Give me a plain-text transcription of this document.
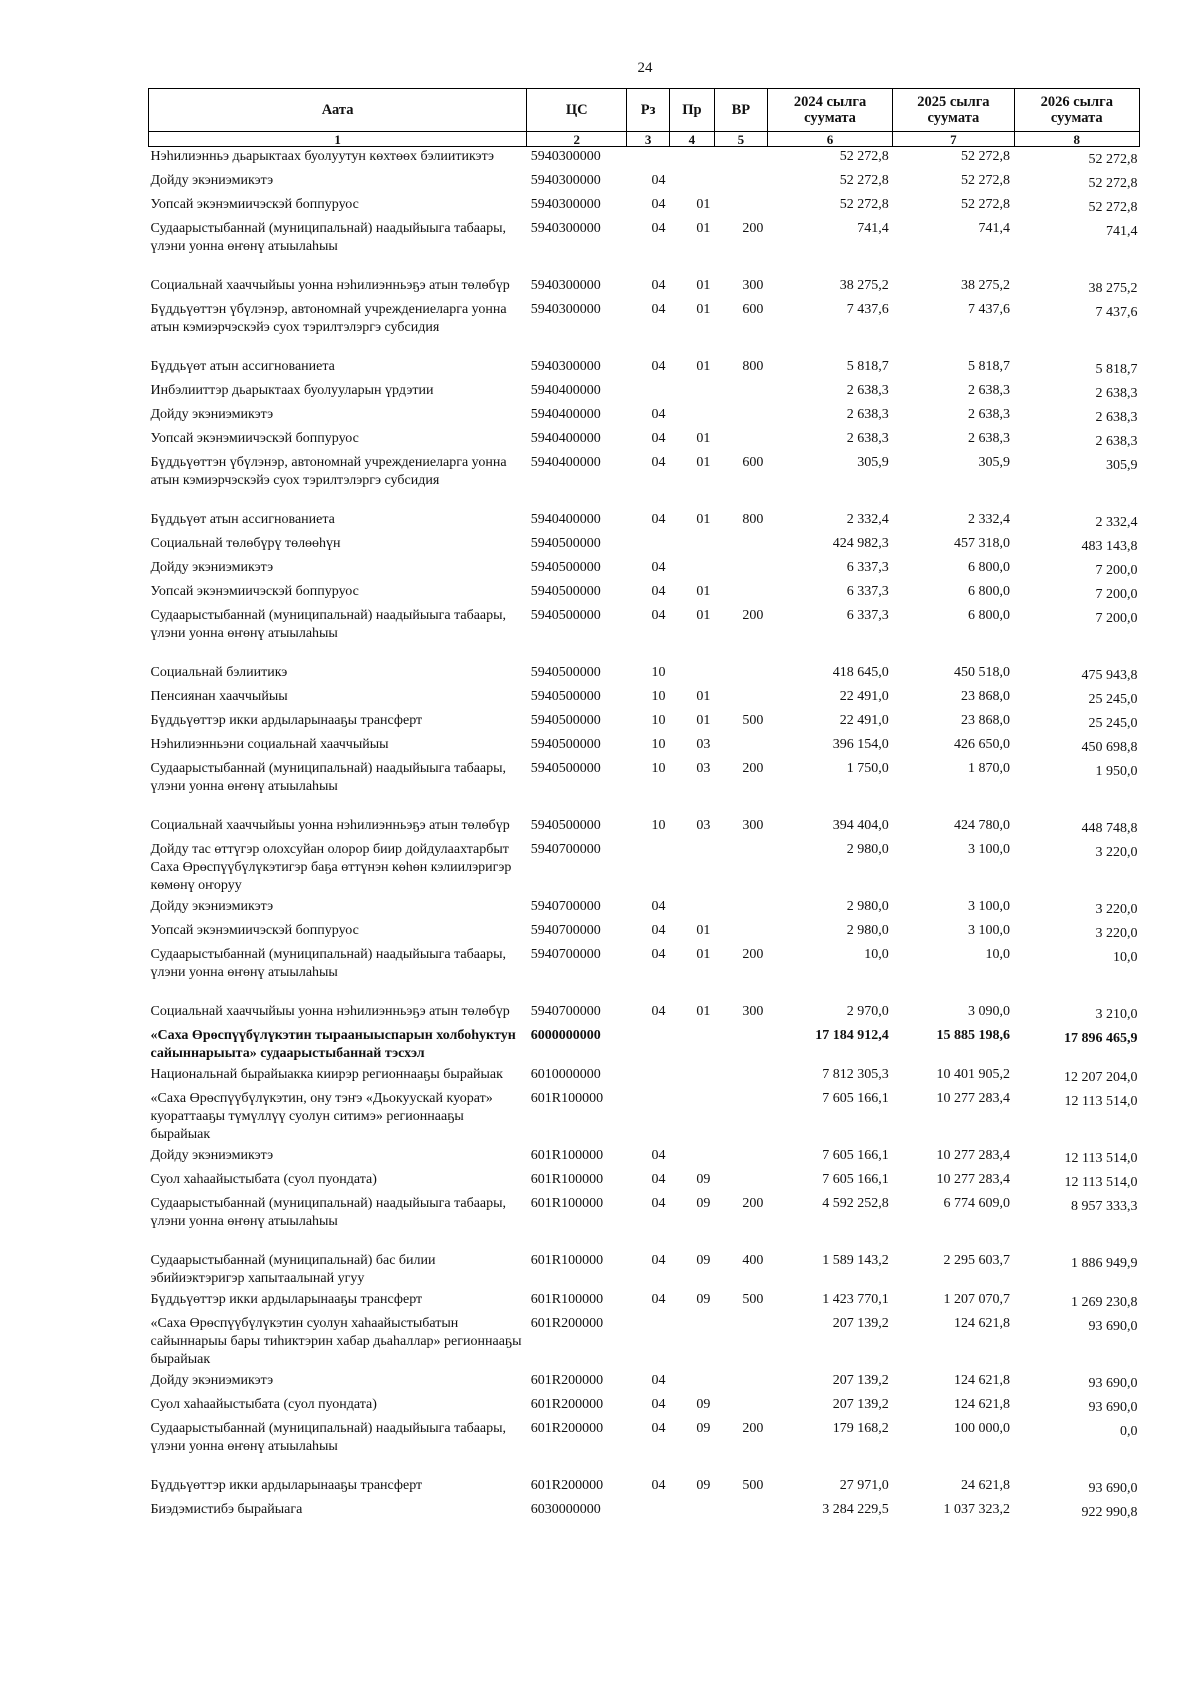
24
Аата	ЦС	Рз	Пр	ВР	2024 сылга суумата	2025 сылга суумата	2026 сылга суумата
1	2	3	4	5	6	7	8
Нэһилиэнньэ дьарыктаах буолуутун көхтөөх бэлиитикэтэ	5940300000				52 272,8	52 272,8	52 272,8
Дойду экэниэмикэтэ	5940300000	04			52 272,8	52 272,8	52 272,8
Уопсай экэнэмиичэскэй боппуруос	5940300000	04	01		52 272,8	52 272,8	52 272,8
Судаарыстыбаннай (муниципальнай) наадыйыыга табаары, үлэни уонна өҥөнү атыылаһыы	5940300000	04	01	200	741,4	741,4	741,4
Социальнай хааччыйыы уонна нэһилиэнньэҕэ атын төлөбүр	5940300000	04	01	300	38 275,2	38 275,2	38 275,2
Бүддьүөттэн үбүлэнэр, автономнай учреждениеларга уонна атын кэмиэрчэскэйэ суох тэрилтэлэргэ субсидия	5940300000	04	01	600	7 437,6	7 437,6	7 437,6
Бүддьүөт атын ассигнованиета	5940300000	04	01	800	5 818,7	5 818,7	5 818,7
Инбэлииттэр дьарыктаах буолууларын үрдэтии	5940400000				2 638,3	2 638,3	2 638,3
Дойду экэниэмикэтэ	5940400000	04			2 638,3	2 638,3	2 638,3
Уопсай экэнэмиичэскэй боппуруос	5940400000	04	01		2 638,3	2 638,3	2 638,3
Бүддьүөттэн үбүлэнэр, автономнай учреждениеларга уонна атын кэмиэрчэскэйэ суох тэрилтэлэргэ субсидия	5940400000	04	01	600	305,9	305,9	305,9
Бүддьүөт атын ассигнованиета	5940400000	04	01	800	2 332,4	2 332,4	2 332,4
Социальнай төлөбүрү төлөөһүн	5940500000				424 982,3	457 318,0	483 143,8
Дойду экэниэмикэтэ	5940500000	04			6 337,3	6 800,0	7 200,0
Уопсай экэнэмиичэскэй боппуруос	5940500000	04	01		6 337,3	6 800,0	7 200,0
Судаарыстыбаннай (муниципальнай) наадыйыыга табаары, үлэни уонна өҥөнү атыылаһыы	5940500000	04	01	200	6 337,3	6 800,0	7 200,0
Социальнай бэлиитикэ	5940500000	10			418 645,0	450 518,0	475 943,8
Пенсиянан хааччыйыы	5940500000	10	01		22 491,0	23 868,0	25 245,0
Бүддьүөттэр икки ардыларынааҕы трансферт	5940500000	10	01	500	22 491,0	23 868,0	25 245,0
Нэһилиэнньэни социальнай хааччыйыы	5940500000	10	03		396 154,0	426 650,0	450 698,8
Судаарыстыбаннай (муниципальнай) наадыйыыга табаары, үлэни уонна өҥөнү атыылаһыы	5940500000	10	03	200	1 750,0	1 870,0	1 950,0
Социальнай хааччыйыы уонна нэһилиэнньэҕэ атын төлөбүр	5940500000	10	03	300	394 404,0	424 780,0	448 748,8
Дойду тас өттүгэр олохсуйан олорор биир дойдулаахтарбыт Саха Өрөспүүбүлүкэтигэр баҕа өттүнэн көһөн кэлиилэригэр көмөнү оҥоруу	5940700000				2 980,0	3 100,0	3 220,0
Дойду экэниэмикэтэ	5940700000	04			2 980,0	3 100,0	3 220,0
Уопсай экэнэмиичэскэй боппуруос	5940700000	04	01		2 980,0	3 100,0	3 220,0
Судаарыстыбаннай (муниципальнай) наадыйыыга табаары, үлэни уонна өҥөнү атыылаһыы	5940700000	04	01	200	10,0	10,0	10,0
Социальнай хааччыйыы уонна нэһилиэнньэҕэ атын төлөбүр	5940700000	04	01	300	2 970,0	3 090,0	3 210,0
«Саха Өрөспүүбүлүкэтин тырааныыспарын холбоһуктун сайыннарыыта» судаарыстыбаннай тэсхэл	6000000000				17 184 912,4	15 885 198,6	17 896 465,9
Национальнай бырайыакка киирэр регионнааҕы бырайыак	6010000000				7 812 305,3	10 401 905,2	12 207 204,0
«Саха Өрөспүүбүлүкэтин, ону тэҥэ «Дьокуускай куорат» куораттааҕы түмүллүү суолун ситимэ» регионнааҕы бырайыак	601R100000				7 605 166,1	10 277 283,4	12 113 514,0
Дойду экэниэмикэтэ	601R100000	04			7 605 166,1	10 277 283,4	12 113 514,0
Суол хаһаайыстыбата (суол пуондата)	601R100000	04	09		7 605 166,1	10 277 283,4	12 113 514,0
Судаарыстыбаннай (муниципальнай) наадыйыыга табаары, үлэни уонна өҥөнү атыылаһыы	601R100000	04	09	200	4 592 252,8	6 774 609,0	8 957 333,3
Судаарыстыбаннай (муниципальнай) бас билии эбийиэктэригэр хапытаалынай угуу	601R100000	04	09	400	1 589 143,2	2 295 603,7	1 886 949,9
Бүддьүөттэр икки ардыларынааҕы трансферт	601R100000	04	09	500	1 423 770,1	1 207 070,7	1 269 230,8
«Саха Өрөспүүбүлүкэтин суолун хаһаайыстыбатын сайыннарыы бары тиһиктэрин хабар дьаһаллар» регионнааҕы бырайыак	601R200000				207 139,2	124 621,8	93 690,0
Дойду экэниэмикэтэ	601R200000	04			207 139,2	124 621,8	93 690,0
Суол хаһаайыстыбата (суол пуондата)	601R200000	04	09		207 139,2	124 621,8	93 690,0
Судаарыстыбаннай (муниципальнай) наадыйыыга табаары, үлэни уонна өҥөнү атыылаһыы	601R200000	04	09	200	179 168,2	100 000,0	0,0
Бүддьүөттэр икки ардыларынааҕы трансферт	601R200000	04	09	500	27 971,0	24 621,8	93 690,0
Биэдэмистибэ бырайыага	6030000000				3 284 229,5	1 037 323,2	922 990,8
